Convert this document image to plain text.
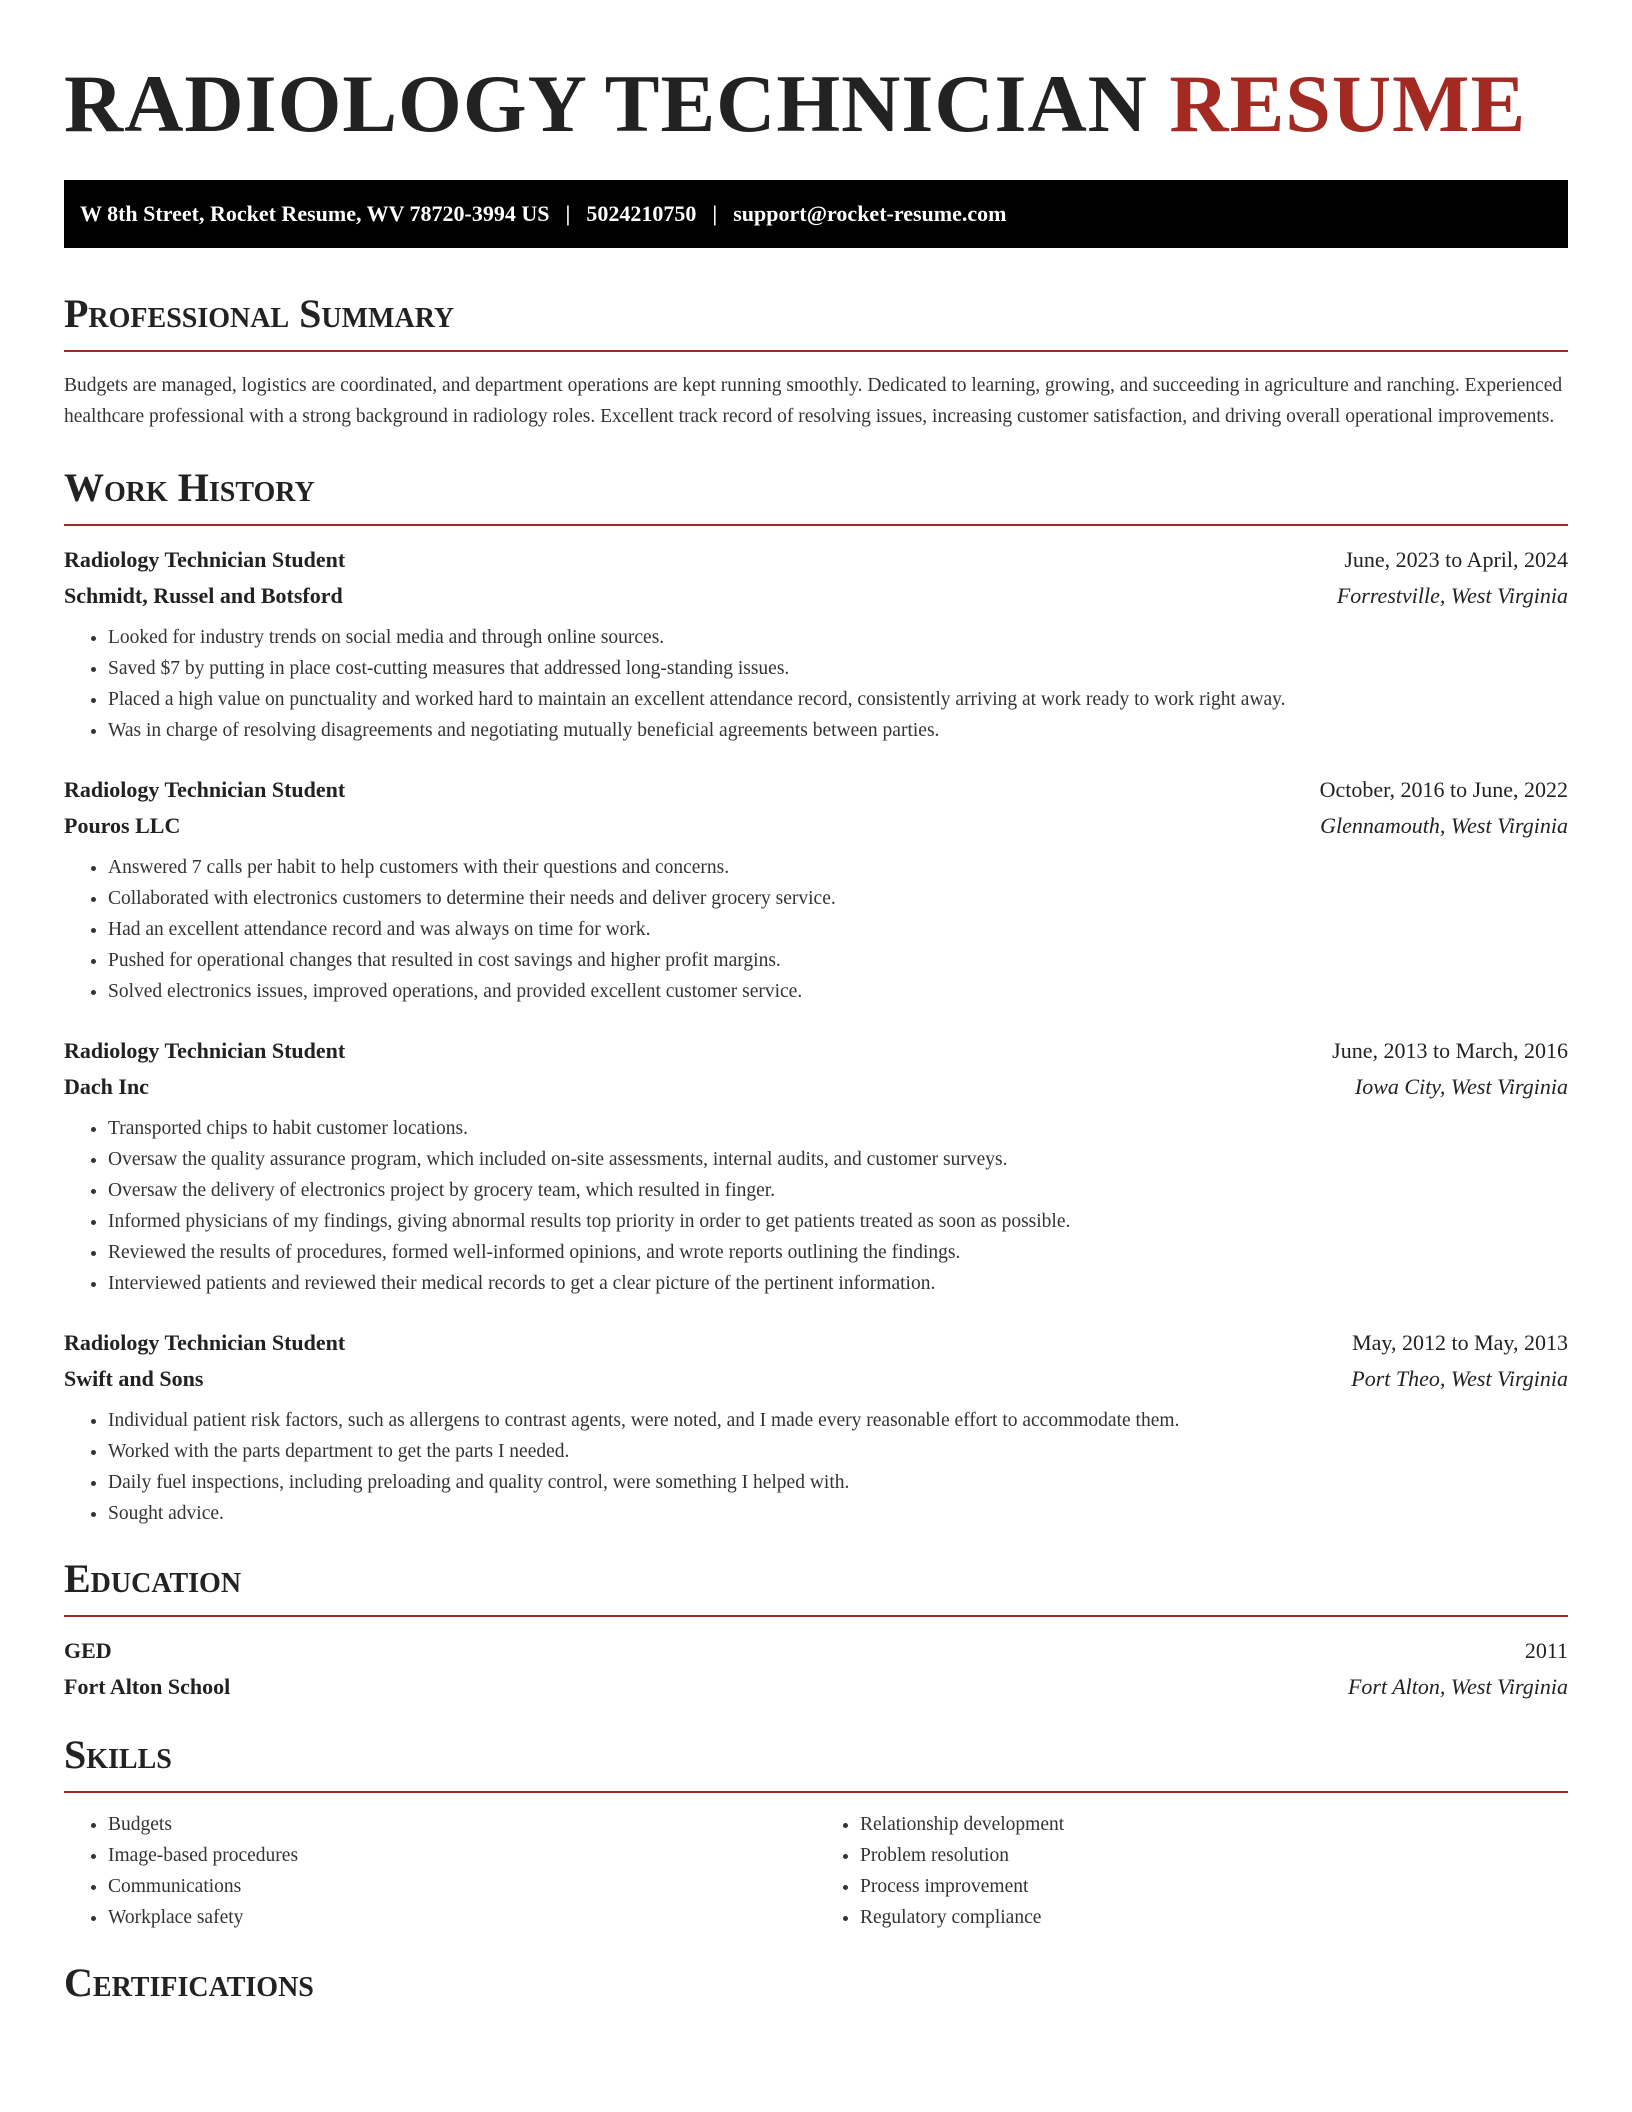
RADIOLOGY TECHNICIAN RESUME
W 8th Street, Rocket Resume, WV 78720-3994 US | 5024210750 | support@rocket-resume.com
Professional Summary

Budgets are managed, logistics are coordinated, and department operations are kept running smoothly. Dedicated to learning, growing, and succeeding in agriculture and ranching. Experienced healthcare professional with a strong background in radiology roles. Excellent track record of resolving issues, increasing customer satisfaction, and driving overall operational improvements.

Work History
Radiology Technician Student	June, 2023 to April, 2024
Schmidt, Russel and Botsford	Forrestville, West Virginia
• Looked for industry trends on social media and through online sources.
• Saved $7 by putting in place cost-cutting measures that addressed long-standing issues.
• Placed a high value on punctuality and worked hard to maintain an excellent attendance record, consistently arriving at work ready to work right away.
• Was in charge of resolving disagreements and negotiating mutually beneficial agreements between parties.
Radiology Technician Student	October, 2016 to June, 2022
Pouros LLC	Glennamouth, West Virginia
• Answered 7 calls per habit to help customers with their questions and concerns.
• Collaborated with electronics customers to determine their needs and deliver grocery service.
• Had an excellent attendance record and was always on time for work.
• Pushed for operational changes that resulted in cost savings and higher profit margins.
• Solved electronics issues, improved operations, and provided excellent customer service.
Radiology Technician Student	June, 2013 to March, 2016
Dach Inc	Iowa City, West Virginia
• Transported chips to habit customer locations.
• Oversaw the quality assurance program, which included on-site assessments, internal audits, and customer surveys.
• Oversaw the delivery of electronics project by grocery team, which resulted in finger.
• Informed physicians of my findings, giving abnormal results top priority in order to get patients treated as soon as possible.
• Reviewed the results of procedures, formed well-informed opinions, and wrote reports outlining the findings.
• Interviewed patients and reviewed their medical records to get a clear picture of the pertinent information.
Radiology Technician Student	May, 2012 to May, 2013
Swift and Sons	Port Theo, West Virginia
• Individual patient risk factors, such as allergens to contrast agents, were noted, and I made every reasonable effort to accommodate them.
• Worked with the parts department to get the parts I needed.
• Daily fuel inspections, including preloading and quality control, were something I helped with.
• Sought advice.
Education
GED	2011
Fort Alton School	Fort Alton, West Virginia
Skills
• Budgets
• Image-based procedures
• Communications
• Workplace safety
• Relationship development
• Problem resolution
• Process improvement
• Regulatory compliance
Certifications
